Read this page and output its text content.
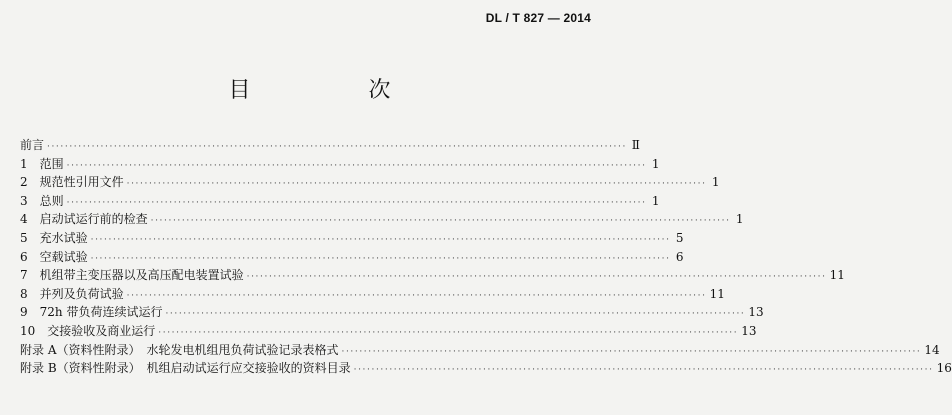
DL / T 827 — 2014
目　次
前言 ·································································································································· Ⅱ
1　范围 ·································································································································· 1
2　规范性引用文件 ·································································································································· 1
3　总则 ·································································································································· 1
4　启动试运行前的检查 ·································································································································· 1
5　充水试验 ·································································································································· 5
6　空载试验 ·································································································································· 6
7　机组带主变压器以及高压配电装置试验 ·································································································································· 11
8　并列及负荷试验 ·································································································································· 11
9　72h 带负荷连续试运行 ·································································································································· 13
10　交接验收及商业运行 ·································································································································· 13
附录 A（资料性附录）　水轮发电机组甩负荷试验记录表格式 ·································································································································· 14
附录 B（资料性附录）　机组启动试运行应交接验收的资料目录 ·································································································································· 16
